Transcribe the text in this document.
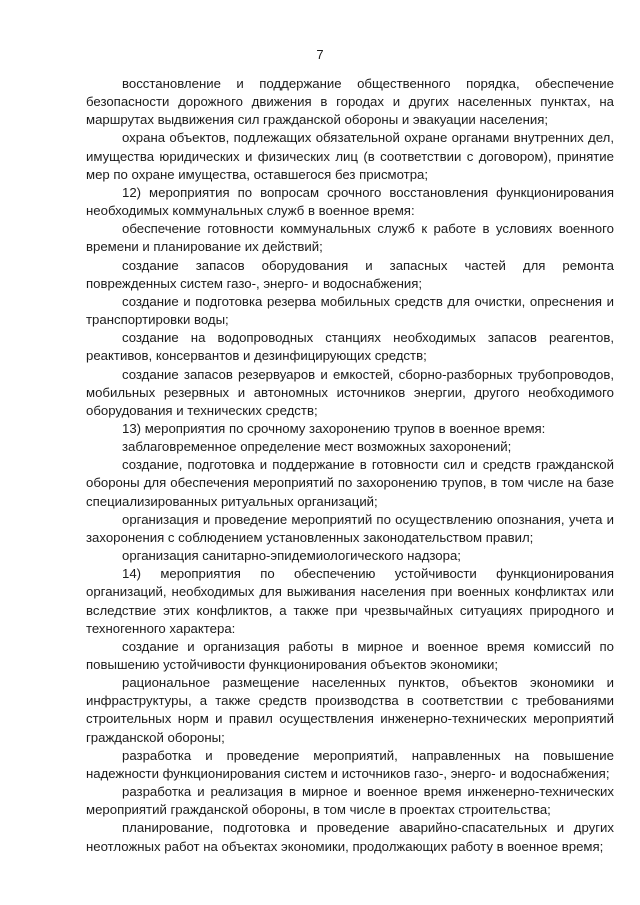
7

восстановление и поддержание общественного порядка, обеспечение безопасности дорожного движения в городах и других населенных пунктах, на маршрутах выдвижения сил гражданской обороны и эвакуации населения;

охрана объектов, подлежащих обязательной охране органами внутренних дел, имущества юридических и физических лиц (в соответствии с договором), принятие мер по охране имущества, оставшегося без присмотра;

12) мероприятия по вопросам срочного восстановления функционирования необходимых коммунальных служб в военное время:

обеспечение готовности коммунальных служб к работе в условиях военного времени и планирование их действий;

создание запасов оборудования и запасных частей для ремонта поврежденных систем газо-, энерго- и водоснабжения;

создание и подготовка резерва мобильных средств для очистки, опреснения и транспортировки воды;

создание на водопроводных станциях необходимых запасов реагентов, реактивов, консервантов и дезинфицирующих средств;

создание запасов резервуаров и емкостей, сборно-разборных трубопроводов, мобильных резервных и автономных источников энергии, другого необходимого оборудования и технических средств;

13) мероприятия по срочному захоронению трупов в военное время:

заблаговременное определение мест возможных захоронений;

создание, подготовка и поддержание в готовности сил и средств гражданской обороны для обеспечения мероприятий по захоронению трупов, в том числе на базе специализированных ритуальных организаций;

организация и проведение мероприятий по осуществлению опознания, учета и захоронения с соблюдением установленных законодательством правил;

организация санитарно-эпидемиологического надзора;

14) мероприятия по обеспечению устойчивости функционирования организаций, необходимых для выживания населения при военных конфликтах или вследствие этих конфликтов, а также при чрезвычайных ситуациях природного и техногенного характера:

создание и организация работы в мирное и военное время комиссий по повышению устойчивости функционирования объектов экономики;

рациональное размещение населенных пунктов, объектов экономики и инфраструктуры, а также средств производства в соответствии с требованиями строительных норм и правил осуществления инженерно-технических мероприятий гражданской обороны;

разработка и проведение мероприятий, направленных на повышение надежности функционирования систем и источников газо-, энерго- и водоснабжения;

разработка и реализация в мирное и военное время инженерно-технических мероприятий гражданской обороны, в том числе в проектах строительства;

планирование, подготовка и проведение аварийно-спасательных и других неотложных работ на объектах экономики, продолжающих работу в военное время;
